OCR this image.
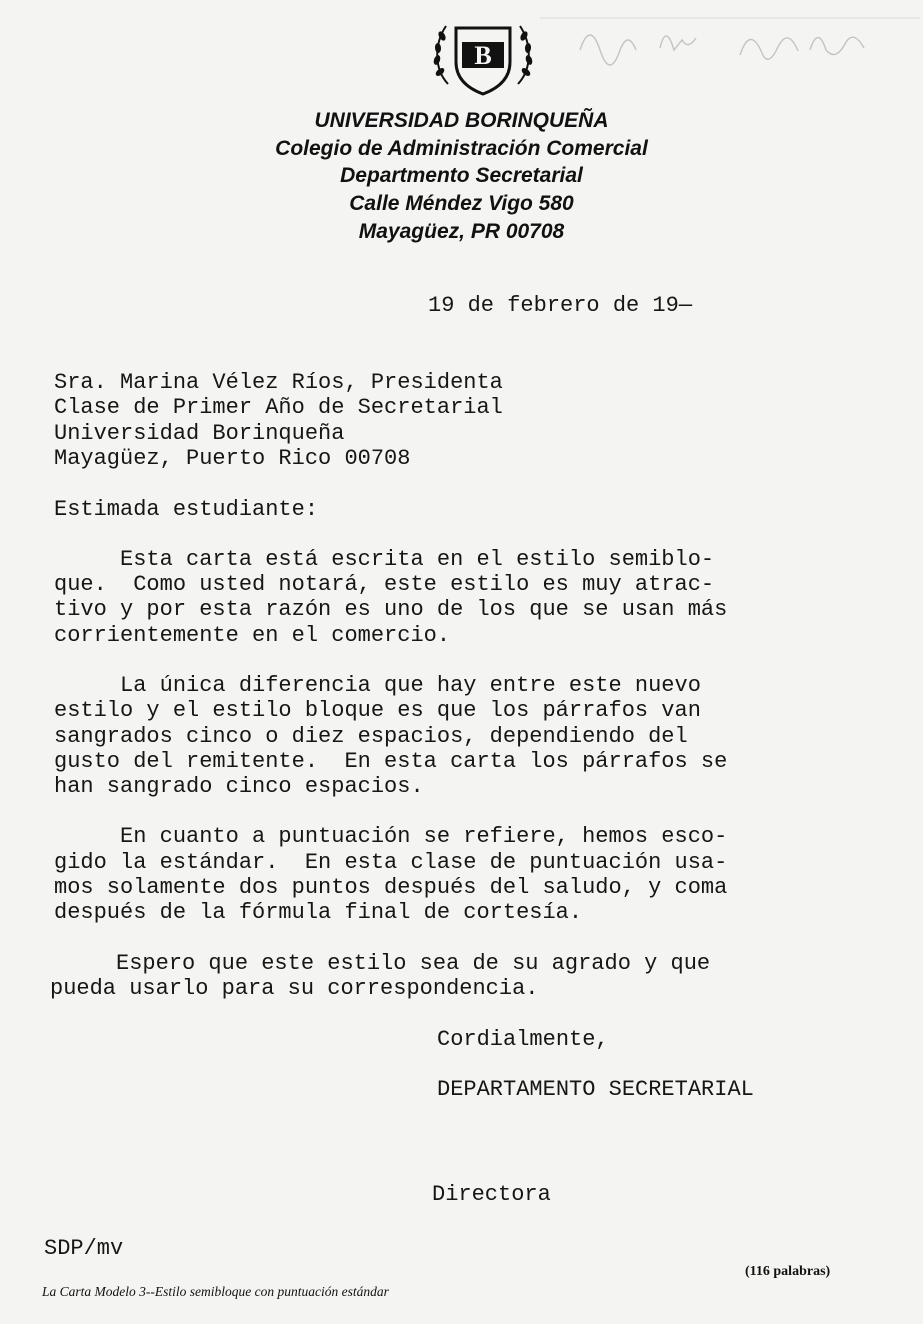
B
UNIVERSIDAD BORINQUEÑA
Colegio de Administración Comercial
Departmento Secretarial
Calle Méndez Vigo 580
Mayagüez, PR 00708
19 de febrero de 19—
Sra. Marina Vélez Ríos, Presidenta
Clase de Primer Año de Secretarial
Universidad Borinqueña
Mayagüez, Puerto Rico 00708
Estimada estudiante:
Esta carta está escrita en el estilo semiblo-
que.  Como usted notará, este estilo es muy atrac-
tivo y por esta razón es uno de los que se usan más
corrientemente en el comercio.
La única diferencia que hay entre este nuevo
estilo y el estilo bloque es que los párrafos van
sangrados cinco o diez espacios, dependiendo del
gusto del remitente.  En esta carta los párrafos se
han sangrado cinco espacios.
En cuanto a puntuación se refiere, hemos esco-
gido la estándar.  En esta clase de puntuación usa-
mos solamente dos puntos después del saludo, y coma
después de la fórmula final de cortesía.
Espero que este estilo sea de su agrado y que
pueda usarlo para su correspondencia.
Cordialmente,
DEPARTAMENTO SECRETARIAL
Directora
SDP/mv
(116 palabras)
La Carta Modelo 3--Estilo semibloque con puntuación estándar
